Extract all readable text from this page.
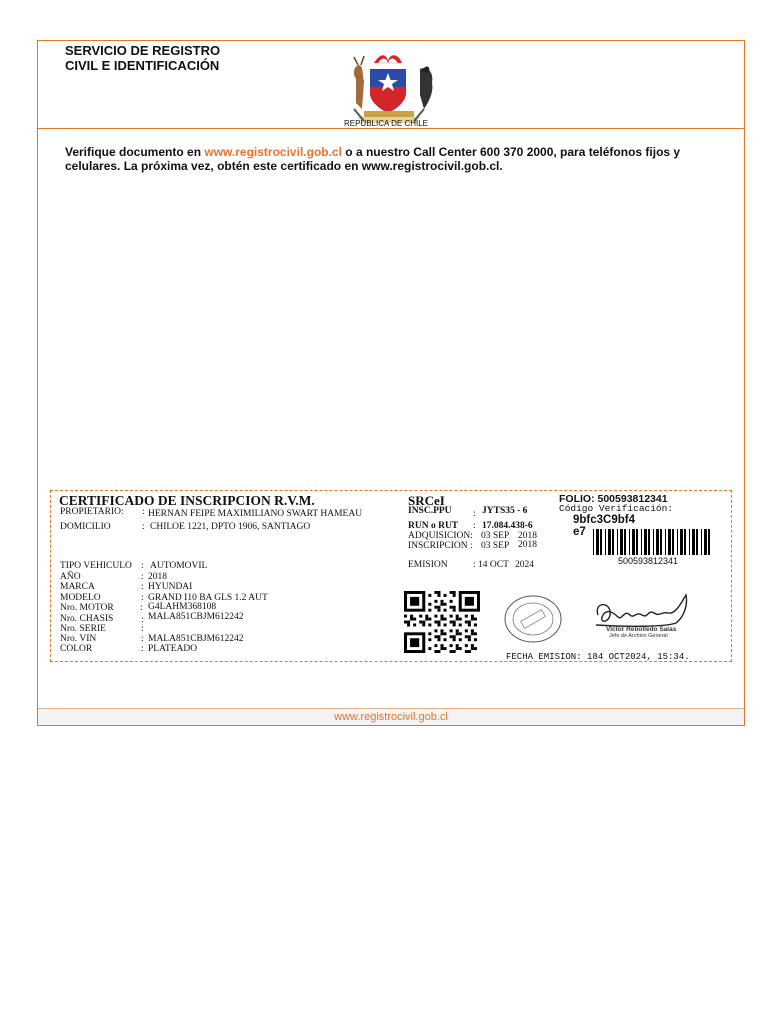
SERVICIO DE REGISTRO
CIVIL E IDENTIFICACIÓN
REPUBLICA DE CHILE
Verifique documento en www.registrocivil.gob.cl o a nuestro Call Center 600 370 2000, para teléfonos fijos y celulares. La próxima vez, obtén este certificado en www.registrocivil.gob.cl.
CERTIFICADO DE INSCRIPCION R.V.M.
PROPIETARIO: : HERNAN FEIPE MAXIMILIANO SWART HAMEAU
DOMICILIO	: CHILOE 1221, DPTO 1906, SANTIAGO
TIPO VEHICULO : AUTOMOVIL
AÑO	: 2018
MARCA	: HYUNDAI
MODELO	: GRAND I10 BA GLS 1.2 AUT
Nro. MOTOR	: G4LAHM368108
Nro. CHASIS	: MALA851CBJM612242
Nro. SERIE	:
Nro. VIN	: MALA851CBJM612242
COLOR	: PLATEADO
SRCeI
INSC.PPU : JYTS35 - 6
RUN o RUT : 17.084.438-6
ADQUISICION: 03 SEP 2018
INSCRIPCION : 03 SEP 2018
EMISION	: 14 OCT 2024
Victor Rebolledo Salas
Jefe de Archivo General
FECHA EMISION: 184 OCT2024, 15:34.
FOLIO: 500593812341
Código Verificación:
9bfc3C9bf4
e7
500593812341
www.registrocivil.gob.cl
